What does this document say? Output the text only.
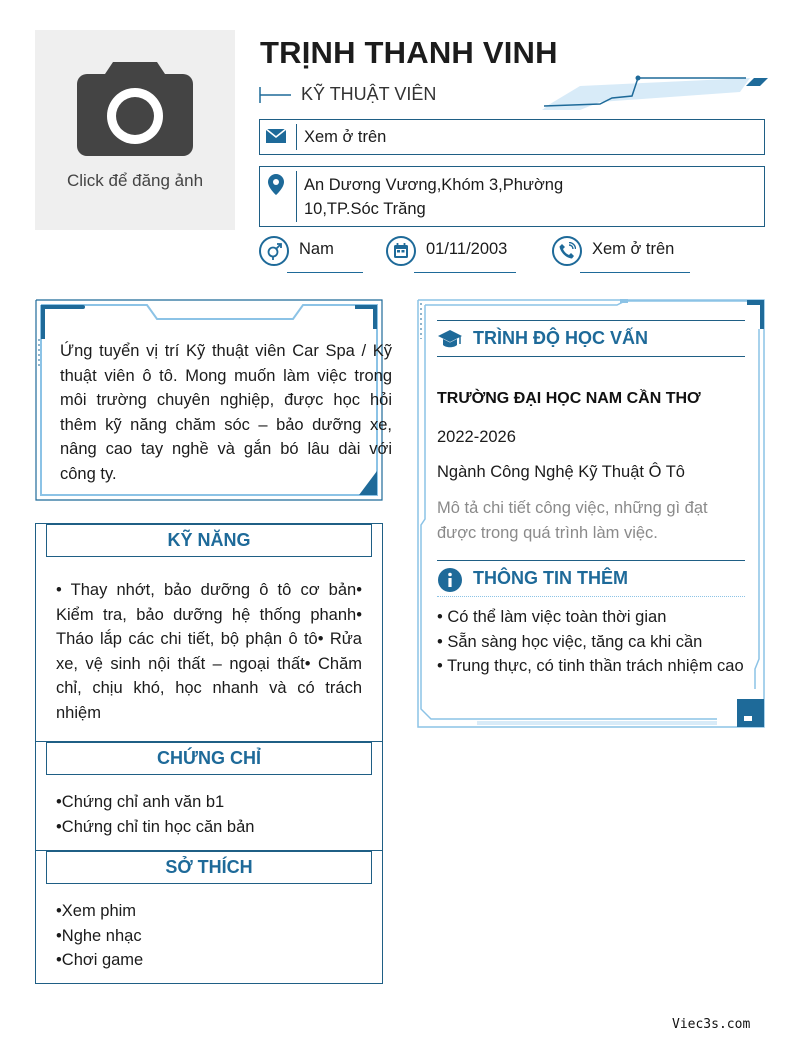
Click để đăng ảnh
TRỊNH THANH VINH
KỸ THUẬT VIÊN
Xem ở trên
An Dương Vương,Khóm 3,Phường 10,TP.Sóc Trăng
Nam	01/11/2003	Xem ở trên
Ứng tuyển vị trí Kỹ thuật viên Car Spa / Kỹ thuật viên ô tô. Mong muốn làm việc trong môi trường chuyên nghiệp, được học hỏi thêm kỹ năng chăm sóc – bảo dưỡng xe, nâng cao tay nghề và gắn bó lâu dài với công ty.
KỸ NĂNG
• Thay nhớt, bảo dưỡng ô tô cơ bản• Kiểm tra, bảo dưỡng hệ thống phanh• Tháo lắp các chi tiết, bộ phận ô tô• Rửa xe, vệ sinh nội thất – ngoại thất• Chăm chỉ, chịu khó, học nhanh và có trách nhiệm
CHỨNG CHỈ
•Chứng chỉ anh văn b1
•Chứng chỉ tin học căn bản
SỞ THÍCH
•Xem phim
•Nghe nhạc
•Chơi game
TRÌNH ĐỘ HỌC VẤN
TRƯỜNG ĐẠI HỌC NAM CẦN THƠ
2022-2026
Ngành Công Nghệ Kỹ Thuật Ô Tô
Mô tả chi tiết công việc, những gì đạt được trong quá trình làm việc.
THÔNG TIN THÊM
• Có thể làm việc toàn thời gian
• Sẵn sàng học việc, tăng ca khi cần
• Trung thực, có tinh thần trách nhiệm cao
Viec3s.com
